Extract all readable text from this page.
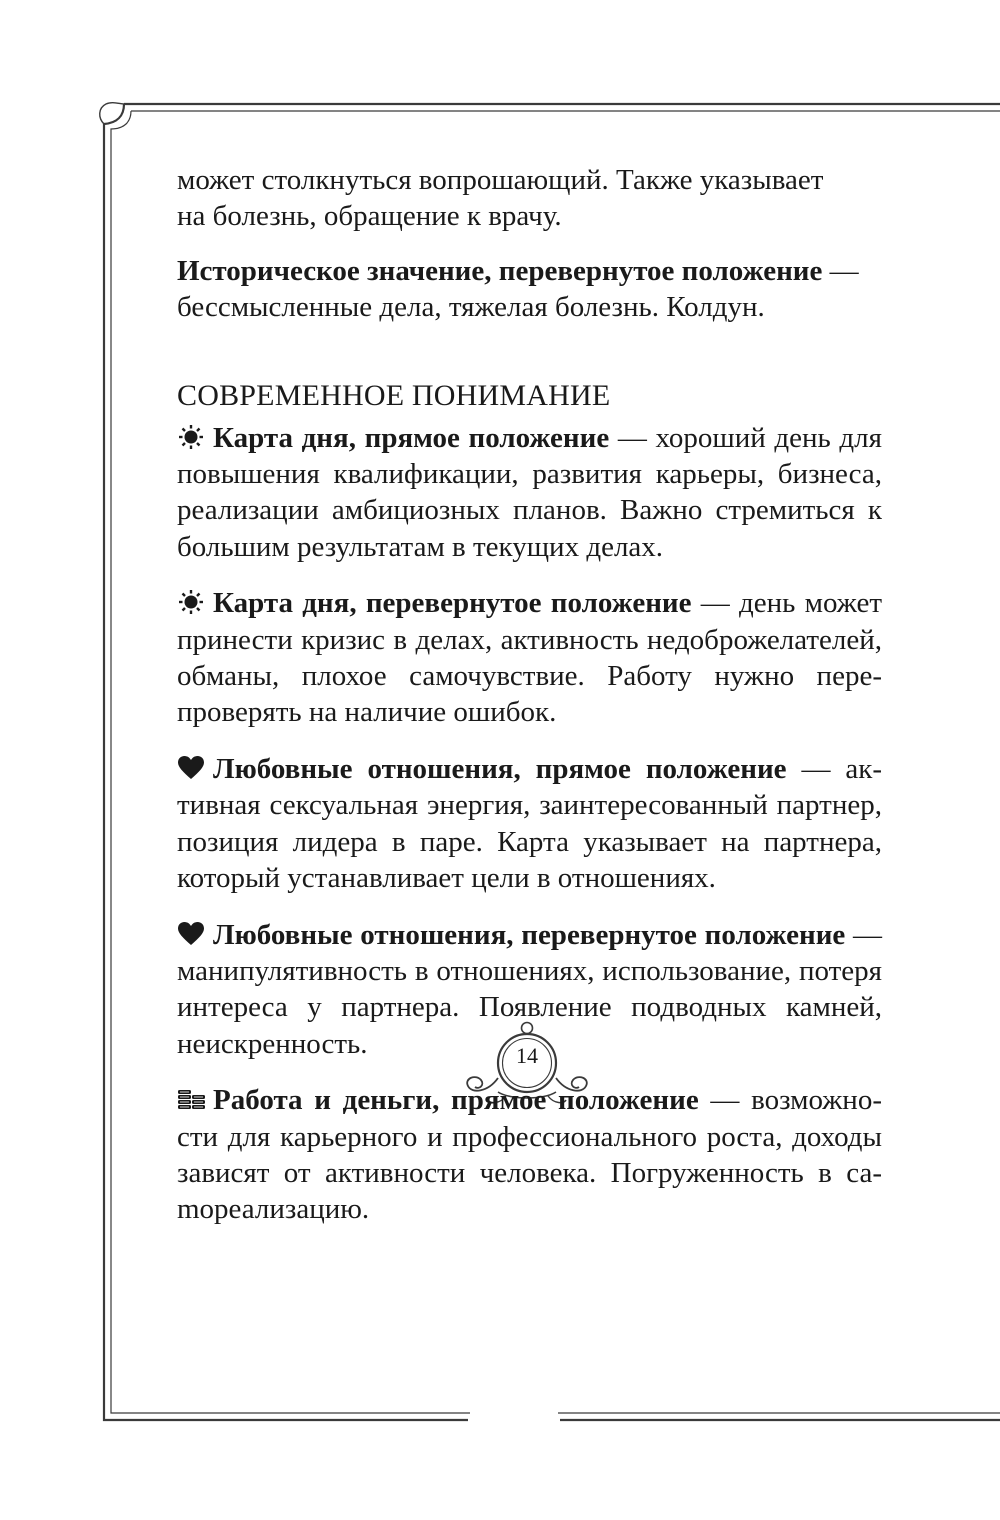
может столкнуться вопрошающий. Также указывает
на болезнь, обращение к врачу.

Историческое значение, перевернутое положение —
бессмысленные дела, тяжелая болезнь. Колдун.

СОВРЕМЕННОЕ ПОНИМАНИЕ

Карта дня, прямое положение — хороший день для повышения квалификации, развития карьеры, бизнеса, реализации амбициозных планов. Важно стремиться к большим результатам в текущих делах.

Карта дня, перевернутое положение — день может принести кризис в делах, активность недоброжелателей, обманы, плохое самочувствие. Работу нужно перепроверять на наличие ошибок.

Любовные отношения, прямое положение — активная сексуальная энергия, заинтересованный партнер, позиция лидера в паре. Карта указывает на партнера, который устанавливает цели в отношениях.

Любовные отношения, перевернутое положение — манипулятивность в отношениях, использование, потеря интереса у партнера. Появление подводных камней, неискренность.

Работа и деньги, прямое положение — возможности для карьерного и профессионального роста, доходы зависят от активности человека. Погруженность в саmореализацию.

14
